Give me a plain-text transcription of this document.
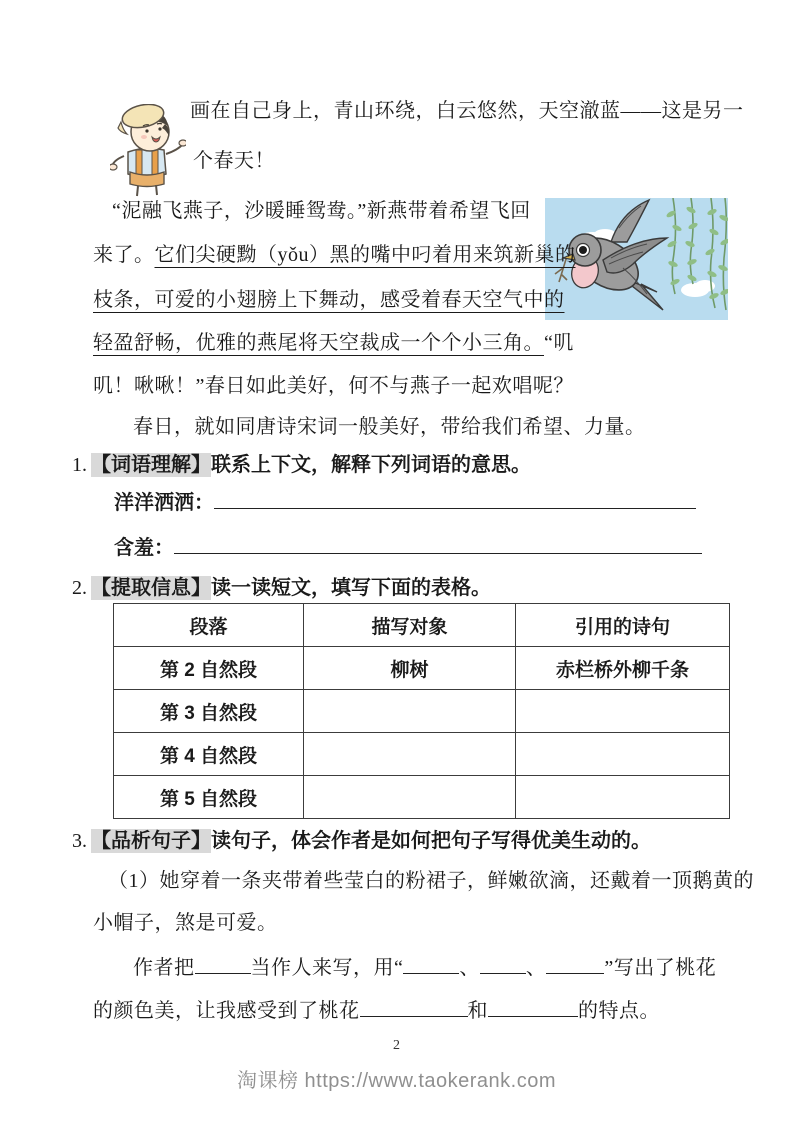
画在自己身上，青山环绕，白云悠然，天空澈蓝——这是另一
个春天！
“泥融飞燕子，沙暖睡鸳鸯。”新燕带着希望飞回
来了。它们尖硬黝（yǒu）黑的嘴中叼着用来筑新巢的
枝条，可爱的小翅膀上下舞动，感受着春天空气中的
轻盈舒畅，优雅的燕尾将天空裁成一个个小三角。“叽
叽！啾啾！”春日如此美好，何不与燕子一起欢唱呢？
春日，就如同唐诗宋词一般美好，带给我们希望、力量。
1. 【词语理解】联系上下文，解释下列词语的意思。
洋洋洒洒：
含羞：
2. 【提取信息】读一读短文，填写下面的表格。
段落	描写对象	引用的诗句
第 2 自然段	柳树	赤栏桥外柳千条
第 3 自然段		
第 4 自然段		
第 5 自然段		
3. 【品析句子】读句子，体会作者是如何把句子写得优美生动的。
（1）她穿着一条夹带着些莹白的粉裙子，鲜嫩欲滴，还戴着一顶鹅黄的
小帽子，煞是可爱。
作者把	当作人来写，用“	、 、	”写出了桃花
的颜色美，让我感受到了桃花	和	的特点。
2
淘课榜 https://www.taokerank.com
